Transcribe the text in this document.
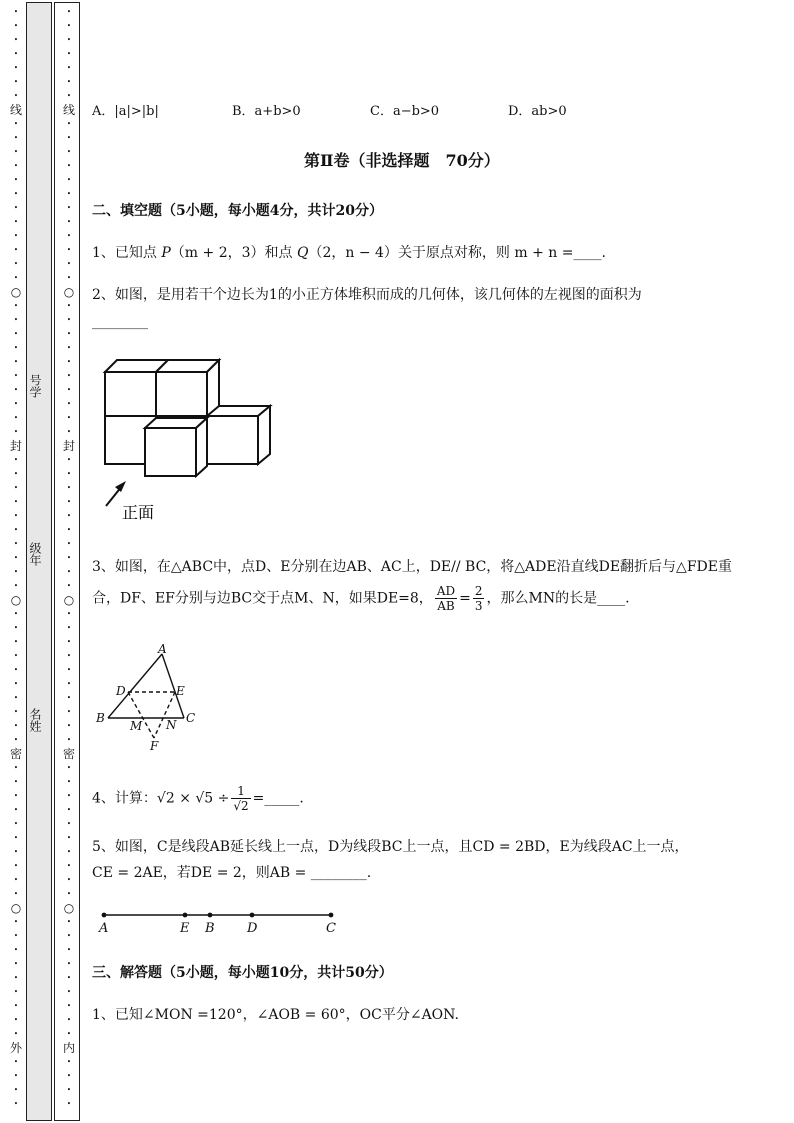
•
•
•
•
•
•
•
线
•
•
•
•
•
•
•
•
•
•
•
•
○
•
•
•
•
•
•
•
•
•
•
封
•
•
•
•
•
•
•
•
•
•
○
•
•
•
•
•
•
•
•
•
•
密
•
•
•
•
•
•
•
•
•
•
○
•
•
•
•
•
•
•
•
•
外
•
•
•
•
•
•
•
•
•
•
•
线
•
•
•
•
•
•
•
•
•
•
•
•
○
•
•
•
•
•
•
•
•
•
•
封
•
•
•
•
•
•
•
•
•
•
○
•
•
•
•
•
•
•
•
•
•
密
•
•
•
•
•
•
•
•
•
•
○
•
•
•
•
•
•
•
•
•
内
•
•
•
•
号学
级年
名姓
A．|a|>|b|	B．a+b>0	C．a−b>0	D．ab>0
第Ⅱ卷（非选择题　70分）
二、填空题（5小题，每小题4分，共计20分）
1、已知点 P（m + 2，3）和点 Q（2，n − 4）关于原点对称，则 m + n =____.
2、如图，是用若干个边长为1的小正方体堆积而成的几何体，该几何体的左视图的面积为
________
正面
3、如图，在△ABC中，点D、E分别在边AB、AC上，DE// BC，将△ADE沿直线DE翻折后与△FDE重
合，DF、EF分别与边BC交于点M、N，如果DE=8， $\frac{AD}{AB} = \frac{2}{3}$ ，那么MN的长是____.
A
D	E
B
M N C
F
4、计算：$√2 \times √5 \div \frac{1}{√2}$ =_____.
5、如图，C是线段AB延长线上一点，D为线段BC上一点，且CD = 2BD，E为线段AC上一点，
CE = 2AE，若DE = 2，则AB = ________.
A	E B D	C
三、解答题（5小题，每小题10分，共计50分）
1、已知∠MON =120°，∠AOB = 60°，OC平分∠AON.
